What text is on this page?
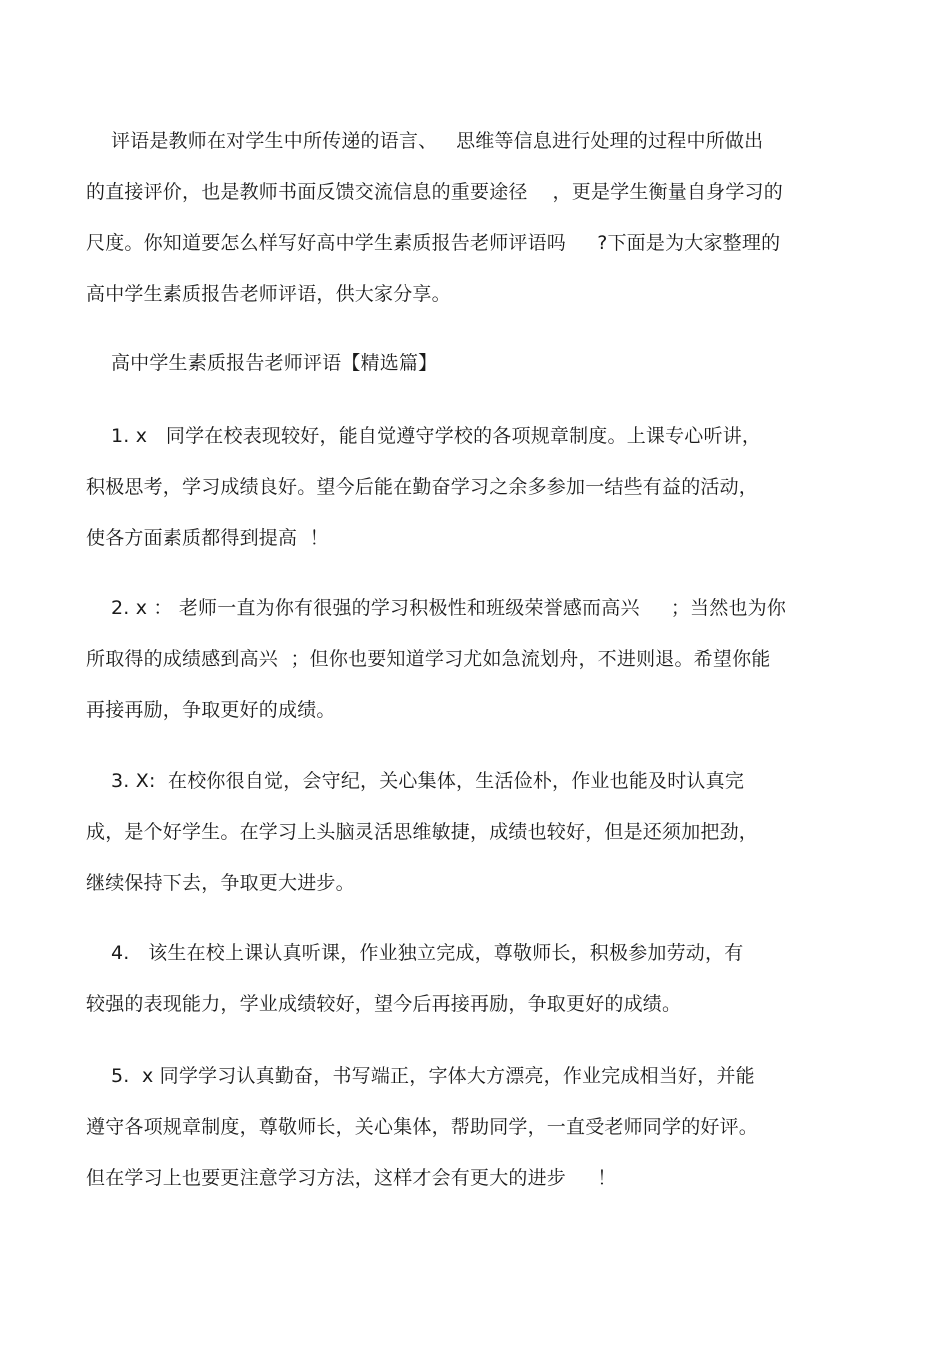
评语是教师在对学生中所传递的语言、   思维等信息进行处理的过程中所做出
的直接评价，也是教师书面反馈交流信息的重要途径    ，更是学生衡量自身学习的
尺度。你知道要怎么样写好高中学生素质报告老师评语吗     ?下面是为大家整理的
高中学生素质报告老师评语，供大家分享。
高中学生素质报告老师评语【精选篇】
1. x   同学在校表现较好，能自觉遵守学校的各项规章制度。上课专心听讲，
积极思考，学习成绩良好。望今后能在勤奋学习之余多参加一结些有益的活动，
使各方面素质都得到提高  ！
2. x ： 老师一直为你有很强的学习积极性和班级荣誉感而高兴     ；当然也为你
所取得的成绩感到高兴  ；但你也要知道学习尤如急流划舟，不进则退。希望你能
再接再励，争取更好的成绩。
3. X:  在校你很自觉，会守纪，关心集体，生活俭朴，作业也能及时认真完
成，是个好学生。在学习上头脑灵活思维敏捷，成绩也较好，但是还须加把劲，
继续保持下去，争取更大进步。
4.   该生在校上课认真听课，作业独立完成，尊敬师长，积极参加劳动，有
较强的表现能力，学业成绩较好，望今后再接再励，争取更好的成绩。
5.  x 同学学习认真勤奋，书写端正，字体大方漂亮，作业完成相当好，并能
遵守各项规章制度，尊敬师长，关心集体，帮助同学，一直受老师同学的好评。
但在学习上也要更注意学习方法，这样才会有更大的进步     ！
